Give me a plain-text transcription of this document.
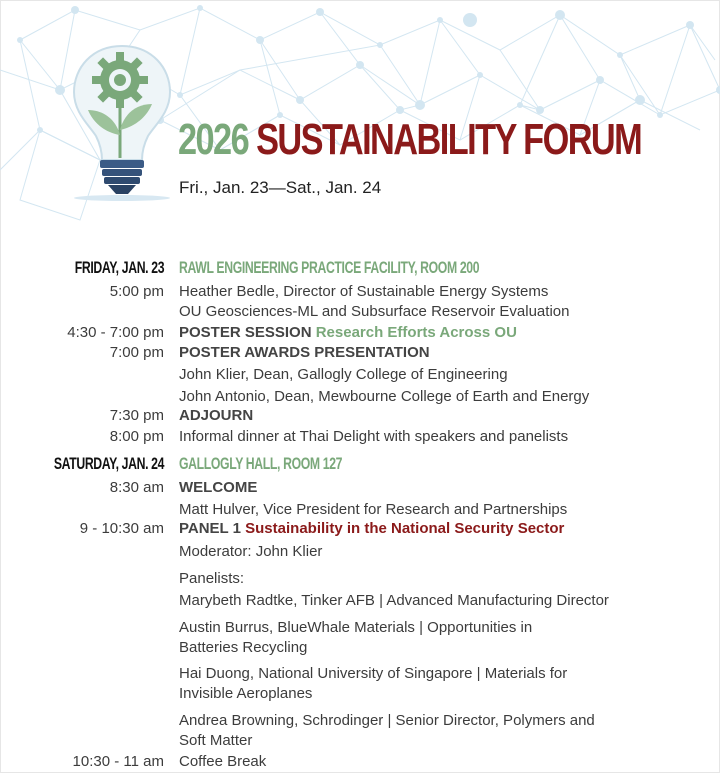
2026 SUSTAINABILITY FORUM
Fri., Jan. 23—Sat., Jan. 24
FRIDAY, JAN. 23 RAWL ENGINEERING PRACTICE FACILITY, ROOM 200
5:00 pm Heather Bedle, Director of Sustainable Energy Systems
OU Geosciences-ML and Subsurface Reservoir Evaluation
4:30 - 7:00 pm POSTER SESSION Research Efforts Across OU
7:00 pm POSTER AWARDS PRESENTATION
John Klier, Dean, Gallogly College of Engineering
John Antonio, Dean, Mewbourne College of Earth and Energy
7:30 pm ADJOURN
8:00 pm Informal dinner at Thai Delight with speakers and panelists
SATURDAY, JAN. 24 GALLOGLY HALL, ROOM 127
8:30 am WELCOME
Matt Hulver, Vice President for Research and Partnerships
9 - 10:30 am PANEL 1 Sustainability in the National Security Sector
Moderator: John Klier
Panelists:
Marybeth Radtke, Tinker AFB | Advanced Manufacturing Director
Austin Burrus, BlueWhale Materials | Opportunities in
Batteries Recycling
Hai Duong, National University of Singapore | Materials for
Invisible Aeroplanes
Andrea Browning, Schrodinger | Senior Director, Polymers and
Soft Matter
10:30 - 11 am Coffee Break
